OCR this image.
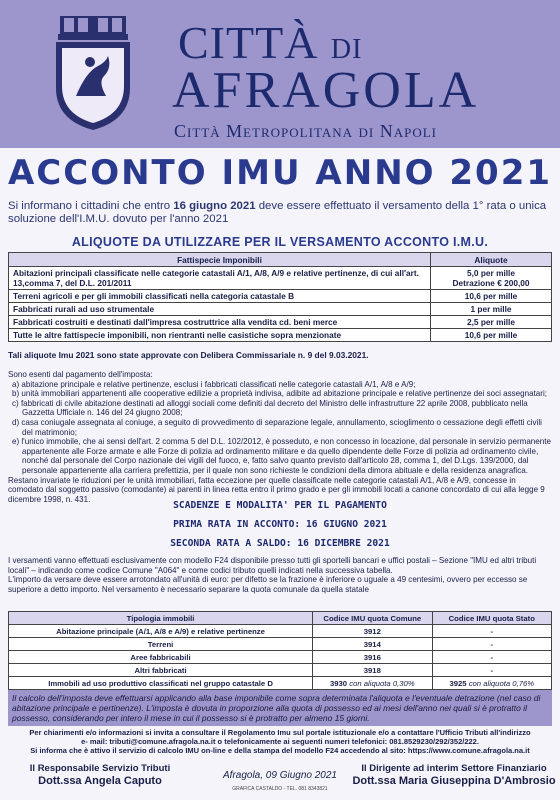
CITTÀ DI
AFRAGOLA
Città Metropolitana di Napoli
ACCONTO IMU ANNO 2021
Si informano i cittadini che entro 16 giugno 2021 deve essere effettuato il versamento della 1° rata o unica soluzione dell'I.M.U. dovuto per l'anno 2021
ALIQUOTE DA UTILIZZARE PER IL VERSAMENTO ACCONTO I.M.U.
Fattispecie Imponibili	Aliquote
Abitazioni principali classificate nelle categorie catastali A/1, A/8, A/9 e relative pertinenze, di cui all'art. 13,comma 7, del D.L. 201/2011	5,0 per mille
Detrazione € 200,00
Terreni agricoli e per gli immobili classificati nella categoria catastale B	10,6 per mille
Fabbricati rurali ad uso strumentale	1 per mille
Fabbricati costruiti e destinati dall'impresa costruttrice alla vendita cd. beni merce	2,5 per mille
Tutte le altre fattispecie imponibili, non rientranti nelle casistiche sopra menzionate	10,6 per mille
Tali aliquote Imu 2021 sono state approvate con Delibera Commissariale n. 9 del 9.03.2021.

Sono esenti dal pagamento dell'imposta:

a) abitazione principale e relative pertinenze, esclusi i fabbricati classificati nelle categorie catastali A/1, A/8 e A/9;
b) unità immobiliari appartenenti alle cooperative edilizie a proprietà indivisa, adibite ad abitazione principale e relative pertinenze dei soci assegnatari;
c) fabbricati di civile abitazione destinati ad alloggi sociali come definiti dal decreto del Ministro delle infrastrutture 22 aprile 2008, pubblicato nella Gazzetta Ufficiale n. 146 del 24 giugno 2008;
d) casa coniugale assegnata al coniuge, a seguito di provvedimento di separazione legale, annullamento, scioglimento o cessazione degli effetti civili del matrimonio;
e) l'unico immobile, che ai sensi dell'art. 2 comma 5 del D.L. 102/2012, è posseduto, e non concesso in locazione, dal personale in servizio permanente appartenente alle Forze armate e alle Forze di polizia ad ordinamento militare e da quello dipendente delle Forze di polizia ad ordinamento civile, nonché dal personale del Corpo nazionale dei vigili del fuoco, e, fatto salvo quanto previsto dall'articolo 28, comma 1, del D.Lgs. 139/2000, dal personale appartenente alla carriera prefettizia, per il quale non sono richieste le condizioni della dimora abituale e della residenza anagrafica.

Restano invariate le riduzioni per le unità immobiliari, fatta eccezione per quelle classificate nelle categorie catastali A/1, A/8 e A/9, concesse in comodato dal soggetto passivo (comodante) ai parenti in linea retta entro il primo grado e per gli immobili locati a canone concordato di cui alla legge 9 dicembre 1998, n. 431.

SCADENZE E MODALITA' PER IL PAGAMENTO
PRIMA RATA IN ACCONTO: 16 GIUGNO 2021
SECONDA RATA A SALDO: 16 DICEMBRE 2021

I versamenti vanno effettuati esclusivamente con modello F24 disponibile presso tutti gli sportelli bancari e uffici postali – Sezione "IMU ed altri tributi locali" – indicando come codice Comune "A064" e come codici tributo quelli indicati nella successiva tabella.

L'importo da versare deve essere arrotondato all'unità di euro: per difetto se la frazione è inferiore o uguale a 49 centesimi, ovvero per eccesso se superiore a detto importo. Nel versamento è necessario separare la quota comunale da quella statale

Tipologia immobili	Codice IMU quota Comune	Codice IMU quota Stato
Abitazione principale (A/1, A/8 e A/9) e relative pertinenze	3912	-
Terreni	3914	-
Aree fabbricabili	3916	-
Altri fabbricati	3918	-
Immobili ad uso produttivo classificati nel gruppo catastale D	3930 con aliquota 0,30%	3925 con aliquota 0,76%
Il calcolo dell'imposta deve effettuarsi applicando alla base imponibile come sopra determinata l'aliquota e l'eventuale detrazione (nel caso di abitazione principale e pertinenze). L'imposta è dovuta in proporzione alla quota di possesso ed ai mesi dell'anno nei quali si è protratto il possesso, considerando per intero il mese in cui il possesso si è protratto per almeno 15 giorni.
Per chiarimenti e/o informazioni si invita a consultare il Regolamento Imu sul portale istituzionale e/o a contattare l'Ufficio Tributi all'indirizzo
e- mail: tributi@comune.afragola.na.it o telefonicamente ai seguenti numeri telefonici: 081.8529230/292/352/222.
Si informa che è attivo il servizio di calcolo IMU on-line e della stampa del modello F24 accedendo al sito: https://www.comune.afragola.na.it
Il Responsabile Servizio Tributi
Dott.ssa Angela Caputo	Afragola, 09 Giugno 2021
GRAFICA CASTALDO - TEL. 081 8343821
Il Dirigente ad interim Settore Finanziario
Dott.ssa Maria Giuseppina D'Ambrosio
